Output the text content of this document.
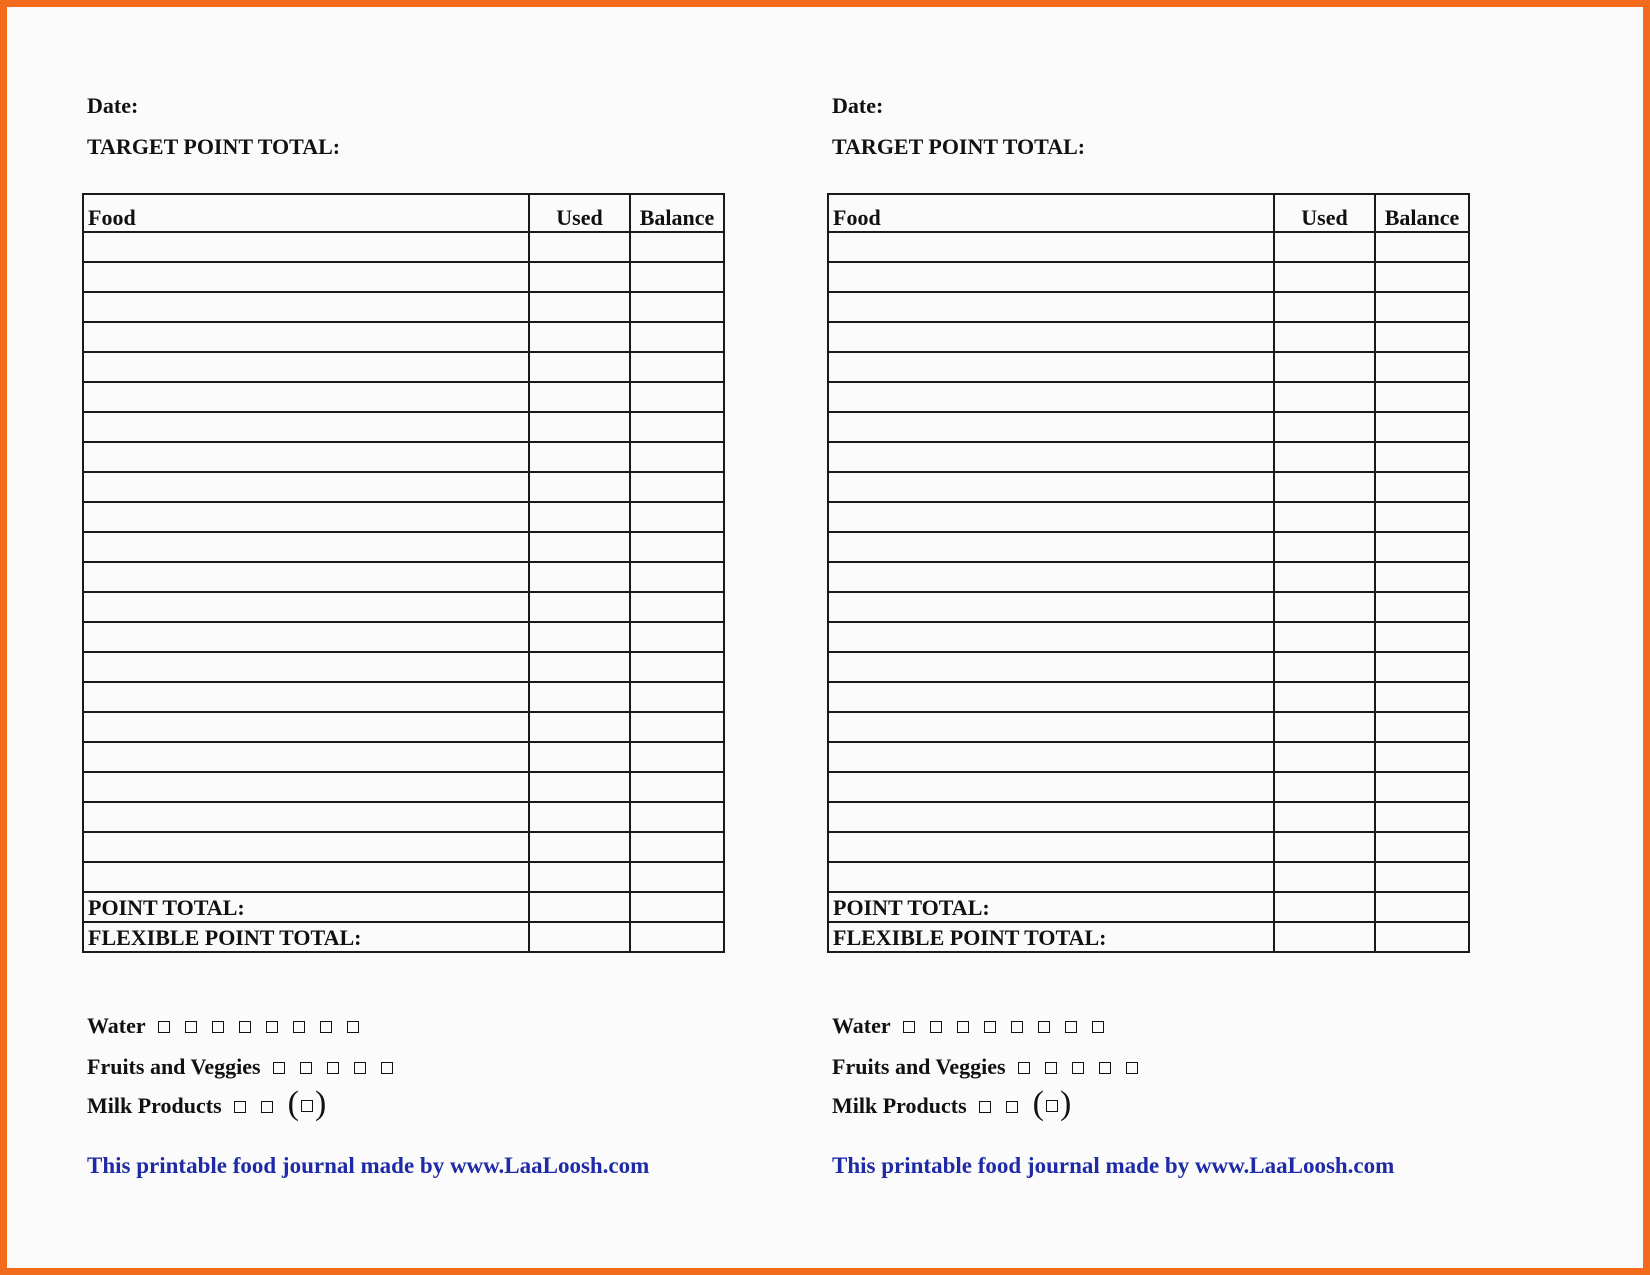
Date:
TARGET POINT TOTAL:
Food	Used	Balance

POINT TOTAL:		
FLEXIBLE POINT TOTAL:		
Water
Fruits and Veggies
Milk Products ( )
This printable food journal made by www.LaaLoosh.com
Date:
TARGET POINT TOTAL:
Food	Used	Balance

POINT TOTAL:		
FLEXIBLE POINT TOTAL:		
Water
Fruits and Veggies
Milk Products ( )
This printable food journal made by www.LaaLoosh.com
